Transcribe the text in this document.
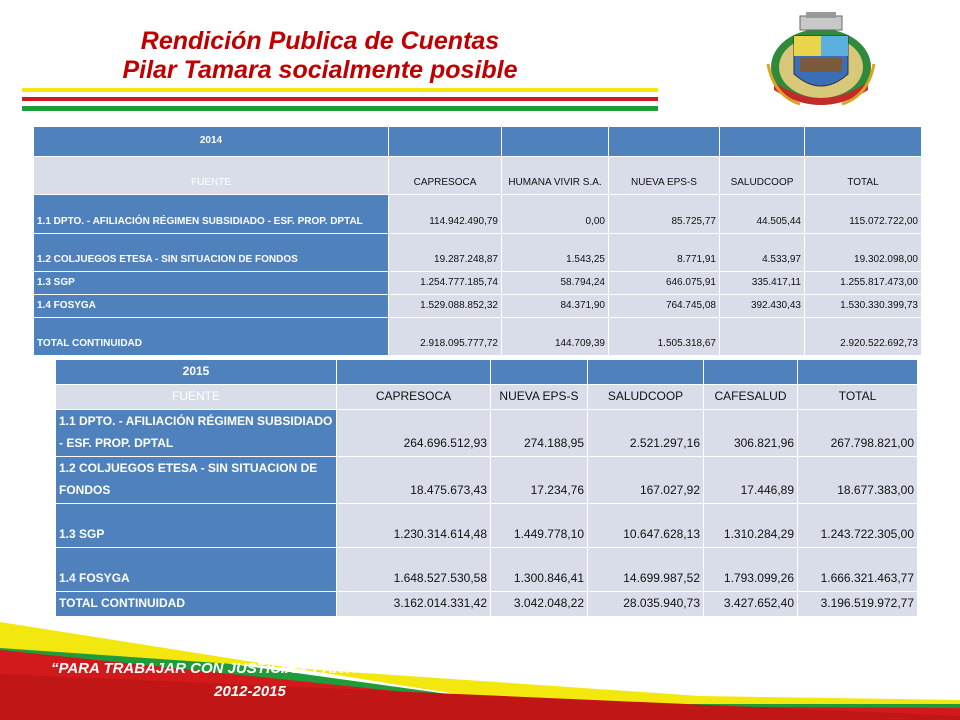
Rendición Publica de Cuentas
Pilar Tamara socialmente posible
2014					
FUENTE	CAPRESOCA	HUMANA VIVIR S.A.	NUEVA EPS-S	SALUDCOOP	TOTAL
1.1 DPTO. - AFILIACIÓN RÉGIMEN SUBSIDIADO - ESF. PROP. DPTAL	114.942.490,79	0,00	85.725,77	44.505,44	115.072.722,00
1.2 COLJUEGOS ETESA - SIN SITUACION DE FONDOS	19.287.248,87	1.543,25	8.771,91	4.533,97	19.302.098,00
1.3 SGP	1.254.777.185,74	58.794,24	646.075,91	335.417,11	1.255.817.473,00
1.4 FOSYGA	1.529.088.852,32	84.371,90	764.745,08	392.430,43	1.530.330.399,73
TOTAL CONTINUIDAD	2.918.095.777,72	144.709,39	1.505.318,67		2.920.522.692,73
2015					
FUENTE	CAPRESOCA	NUEVA EPS-S	SALUDCOOP	CAFESALUD	TOTAL
1.1 DPTO. - AFILIACIÓN RÉGIMEN SUBSIDIADO - ESF. PROP. DPTAL	264.696.512,93	274.188,95	2.521.297,16	306.821,96	267.798.821,00
1.2 COLJUEGOS ETESA - SIN SITUACION DE FONDOS	18.475.673,43	17.234,76	167.027,92	17.446,89	18.677.383,00
1.3 SGP	1.230.314.614,48	1.449.778,10	10.647.628,13	1.310.284,29	1.243.722.305,00
1.4 FOSYGA	1.648.527.530,58	1.300.846,41	14.699.987,52	1.793.099,26	1.666.321.463,77
TOTAL CONTINUIDAD	3.162.014.331,42	3.042.048,22	28.035.940,73	3.427.652,40	3.196.519.972,77
“PARA TRABAJAR CON JUSTICIA Y PARTICIPACION” –
2012-2015
